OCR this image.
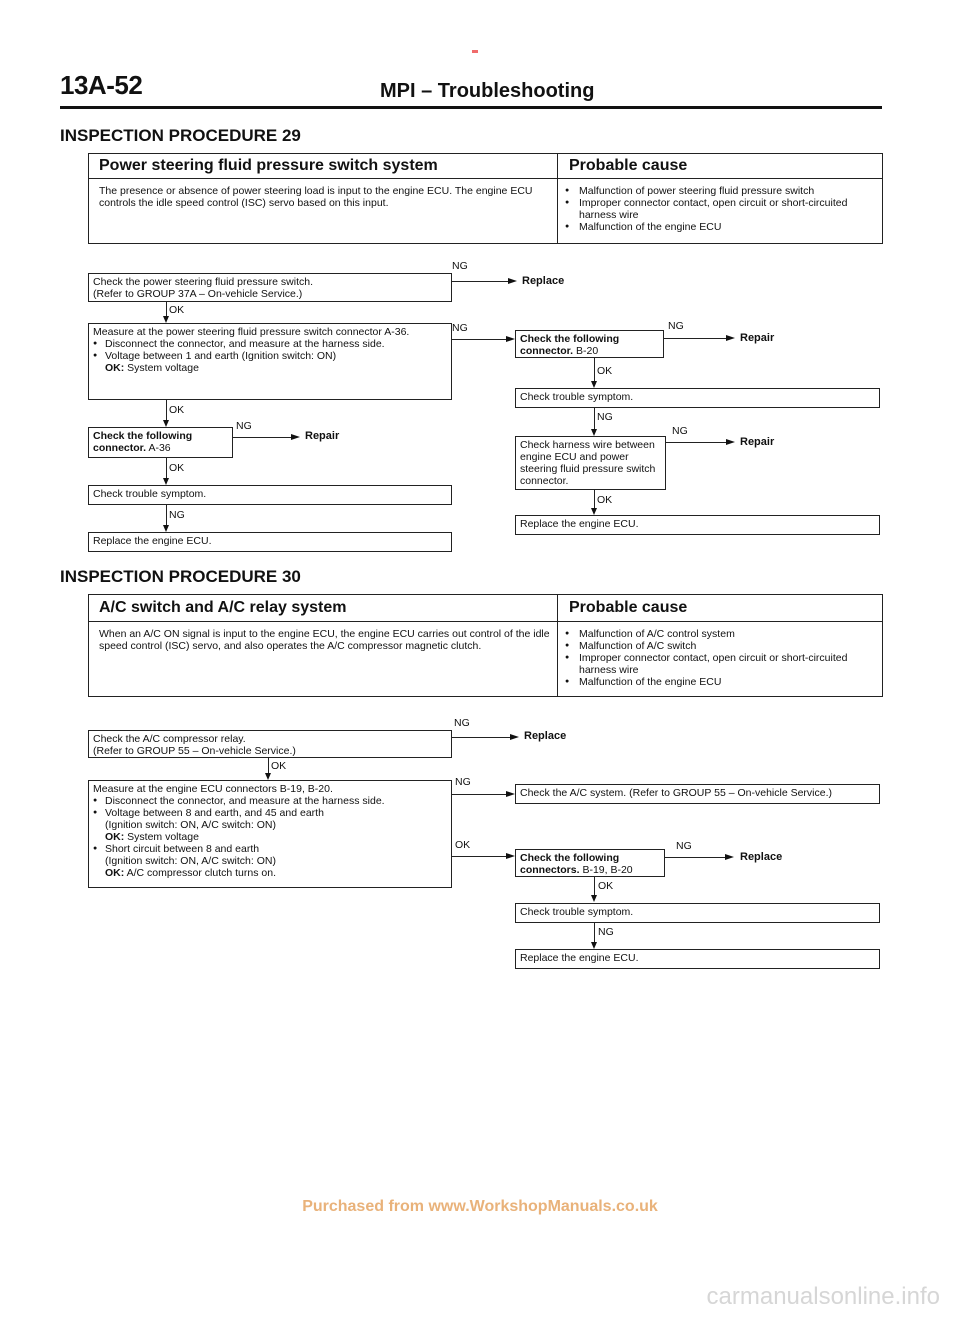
13A-52	MPI – Troubleshooting
INSPECTION PROCEDURE 29
Power steering fluid pressure switch system	Probable cause
The presence or absence of power steering load is input to the engine ECU. The engine ECU controls the idle speed control (ISC) servo based on this input.
● Malfunction of power steering fluid pressure switch
● Improper connector contact, open circuit or short-circuited harness wire
● Malfunction of the engine ECU
Check the power steering fluid pressure switch.
(Refer to GROUP 37A – On-vehicle Service.)
NG
Replace
OK
Measure at the power steering fluid pressure switch connector A-36.
● Disconnect the connector, and measure at the harness side.
● Voltage between 1 and earth (Ignition switch: ON)
OK: System voltage
NG
OK
Check the following connector. A-36
NG
Repair
OK
Check trouble symptom.
NG
Replace the engine ECU.
Check the following connector. B-20
NG
Repair
OK
Check trouble symptom.
NG
Check harness wire between engine ECU and power steering fluid pressure switch connector.
NG
Repair
OK
Replace the engine ECU.
INSPECTION PROCEDURE 30
A/C switch and A/C relay system	Probable cause
When an A/C ON signal is input to the engine ECU, the engine ECU carries out control of the idle speed control (ISC) servo, and also operates the A/C compressor magnetic clutch.
● Malfunction of A/C control system
● Malfunction of A/C switch
● Improper connector contact, open circuit or short-circuited harness wire
● Malfunction of the engine ECU
Check the A/C compressor relay.
(Refer to GROUP 55 – On-vehicle Service.)
NG
Replace
OK
Measure at the engine ECU connectors B-19, B-20.
● Disconnect the connector, and measure at the harness side.
● Voltage between 8 and earth, and 45 and earth
(Ignition switch: ON, A/C switch: ON)
OK: System voltage
● Short circuit between 8 and earth
(Ignition switch: ON, A/C switch: ON)
OK: A/C compressor clutch turns on.
NG
Check the A/C system. (Refer to GROUP 55 – On-vehicle Service.)
OK
Check the following connectors. B-19, B-20
NG
Replace
OK
Check trouble symptom.
NG
Replace the engine ECU.
Purchased from www.WorkshopManuals.co.uk
carmanualsonline.info
